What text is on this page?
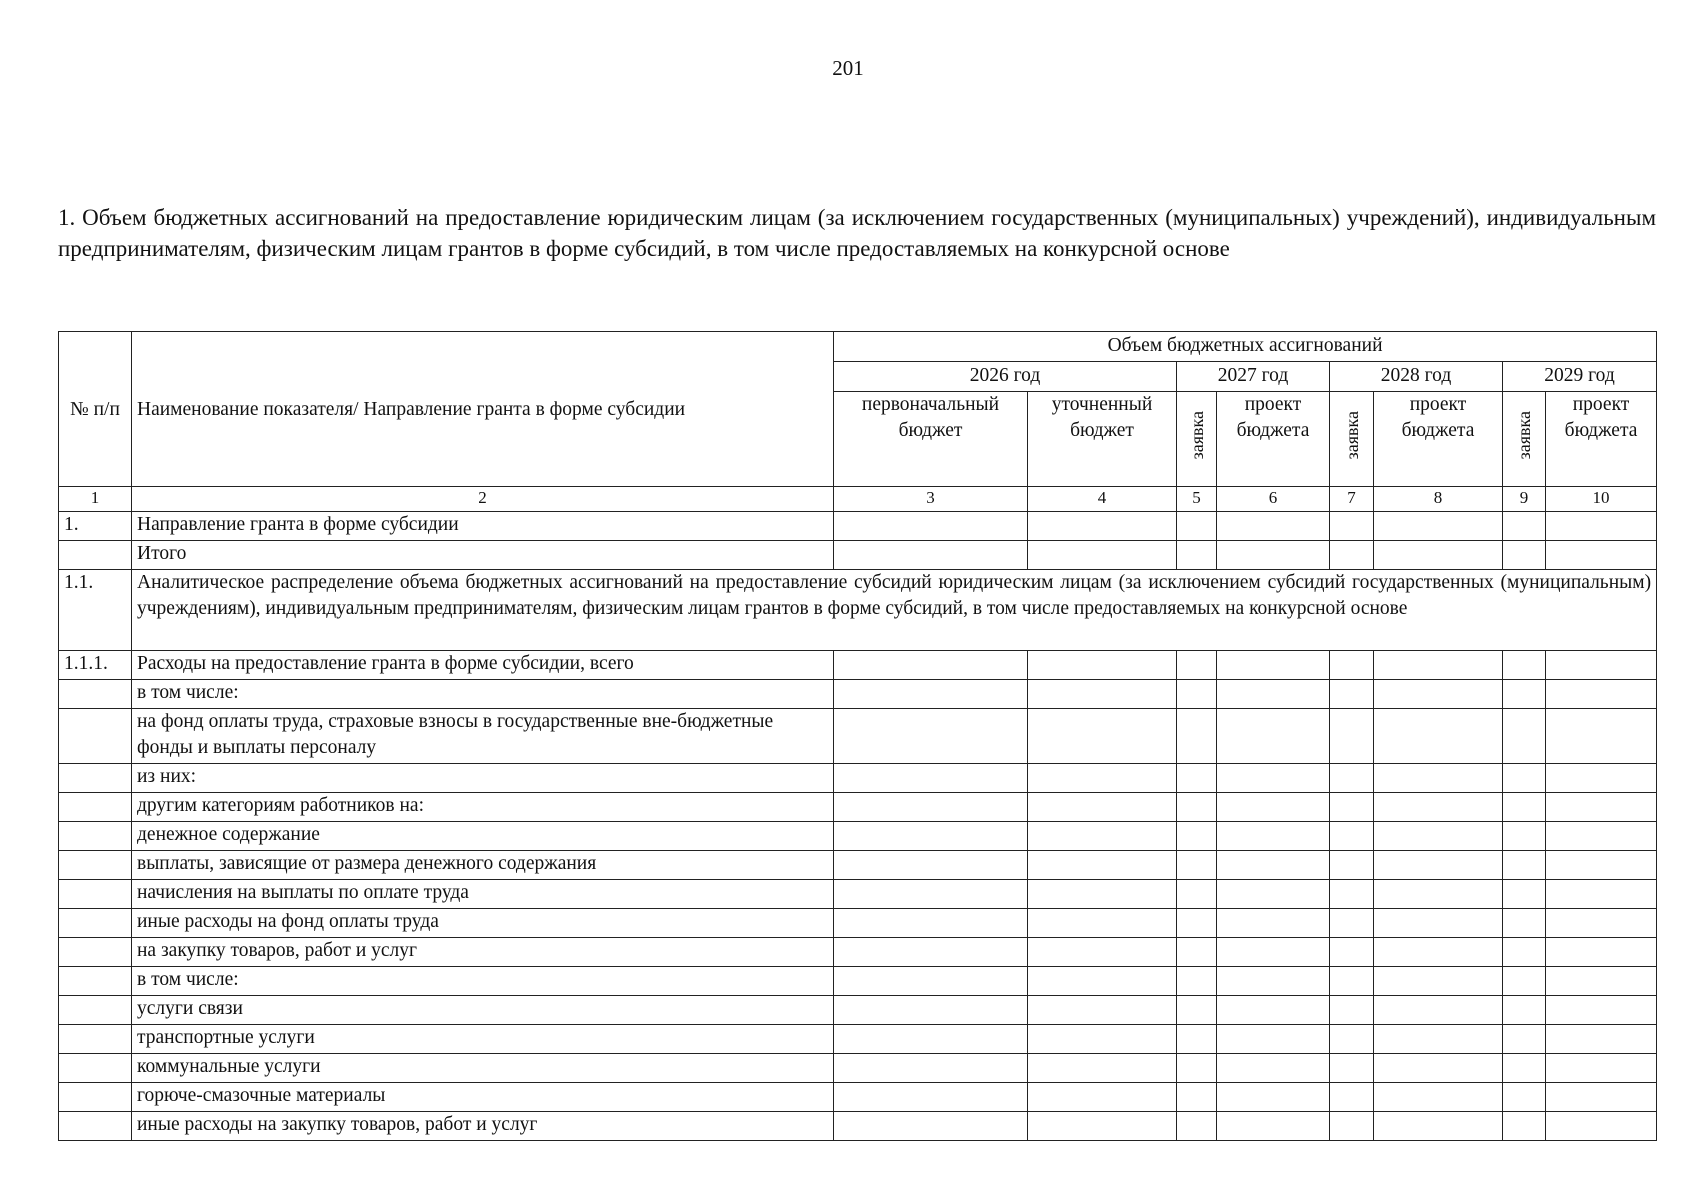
201
1. Объем бюджетных ассигнований на предоставление юридическим лицам (за исключением государственных (муниципальных) учреждений), индивидуальным предпринимателям, физическим лицам грантов в форме субсидий, в том числе предоставляемых на конкурсной основе
№ п/п	Наименование показателя/ Направление гранта в форме субсидии	Объем бюджетных ассигнований							
		2026 год		2027 год		2028 год		2029 год	
		первоначальный бюджет	уточненный бюджет	заявка	проект бюджета	заявка	проект бюджета	заявка	проект бюджета
1	2	3	4	5	6	7	8	9	10
1.	Направление гранта в форме субсидии								
	Итого								
1.1.	Аналитическое распределение объема бюджетных ассигнований на предоставление субсидий юридическим лицам (за исключением субсидий государственных (муниципальным) учреждениям), индивидуальным предпринимателям, физическим лицам грантов в форме субсидий, в том числе предоставляемых на конкурсной основе								
1.1.1.	Расходы на предоставление гранта в форме субсидии, всего								
	в том числе:								
	на фонд оплаты труда, страховые взносы в государственные вне-бюджетные фонды и выплаты персоналу								
	из них:								
	другим категориям работников на:								
	денежное содержание								
	выплаты, зависящие от размера денежного содержания								
	начисления на выплаты по оплате труда								
	иные расходы на фонд оплаты труда								
	на закупку товаров, работ и услуг								
	в том числе:								
	услуги связи								
	транспортные услуги								
	коммунальные услуги								
	горюче-смазочные материалы								
	иные расходы на закупку товаров, работ и услуг								
